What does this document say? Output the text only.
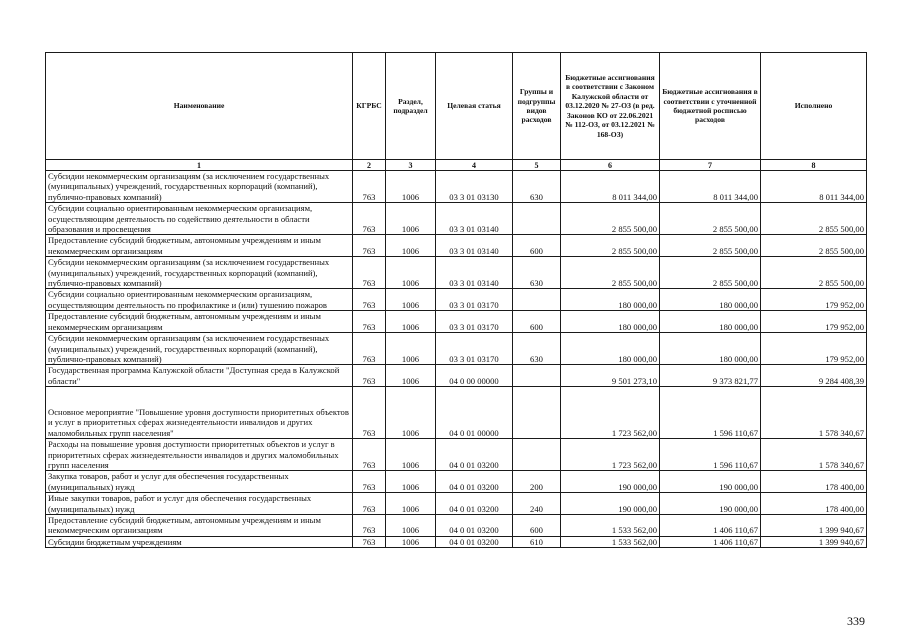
Наименование	КГРБС	Раздел, подраздел	Целевая статья	Группы и подгруппы видов расходов	Бюджетные ассигнования в соответствии с Законом Калужской области от 03.12.2020 № 27-ОЗ (в ред. Законов КО от 22.06.2021 № 112-ОЗ, от 03.12.2021 № 168-ОЗ)	Бюджетные ассигнования в соответствии с уточненной бюджетной росписью расходов	Исполнено
1	2	3	4	5	6	7	8
Субсидии некоммерческим организациям (за исключением государственных (муниципальных) учреждений, государственных корпораций (компаний), публично-правовых компаний)	763	1006	03 3 01 03130	630	8 011 344,00	8 011 344,00	8 011 344,00
Субсидии социально ориентированным некоммерческим организациям, осуществляющим деятельность по содействию деятельности в области образования и просвещения	763	1006	03 3 01 03140		2 855 500,00	2 855 500,00	2 855 500,00
Предоставление субсидий бюджетным, автономным учреждениям и иным некоммерческим организациям	763	1006	03 3 01 03140	600	2 855 500,00	2 855 500,00	2 855 500,00
Субсидии некоммерческим организациям (за исключением государственных (муниципальных) учреждений, государственных корпораций (компаний), публично-правовых компаний)	763	1006	03 3 01 03140	630	2 855 500,00	2 855 500,00	2 855 500,00
Субсидии социально ориентированным некоммерческим организациям, осуществляющим деятельность по профилактике и (или) тушению пожаров	763	1006	03 3 01 03170		180 000,00	180 000,00	179 952,00
Предоставление субсидий бюджетным, автономным учреждениям и иным некоммерческим организациям	763	1006	03 3 01 03170	600	180 000,00	180 000,00	179 952,00
Субсидии некоммерческим организациям (за исключением государственных (муниципальных) учреждений, государственных корпораций (компаний), публично-правовых компаний)	763	1006	03 3 01 03170	630	180 000,00	180 000,00	179 952,00
Государственная программа Калужской области "Доступная среда в Калужской области"	763	1006	04 0 00 00000		9 501 273,10	9 373 821,77	9 284 408,39
Основное мероприятие "Повышение уровня доступности приоритетных объектов и услуг в приоритетных сферах жизнедеятельности инвалидов и других маломобильных групп населения"	763	1006	04 0 01 00000		1 723 562,00	1 596 110,67	1 578 340,67
Расходы на повышение уровня доступности приоритетных объектов и услуг в приоритетных сферах жизнедеятельности инвалидов и других маломобильных групп населения	763	1006	04 0 01 03200		1 723 562,00	1 596 110,67	1 578 340,67
Закупка товаров, работ и услуг для обеспечения государственных (муниципальных) нужд	763	1006	04 0 01 03200	200	190 000,00	190 000,00	178 400,00
Иные закупки товаров, работ и услуг для обеспечения государственных (муниципальных) нужд	763	1006	04 0 01 03200	240	190 000,00	190 000,00	178 400,00
Предоставление субсидий бюджетным, автономным учреждениям и иным некоммерческим организациям	763	1006	04 0 01 03200	600	1 533 562,00	1 406 110,67	1 399 940,67
Субсидии бюджетным учреждениям	763	1006	04 0 01 03200	610	1 533 562,00	1 406 110,67	1 399 940,67
339
